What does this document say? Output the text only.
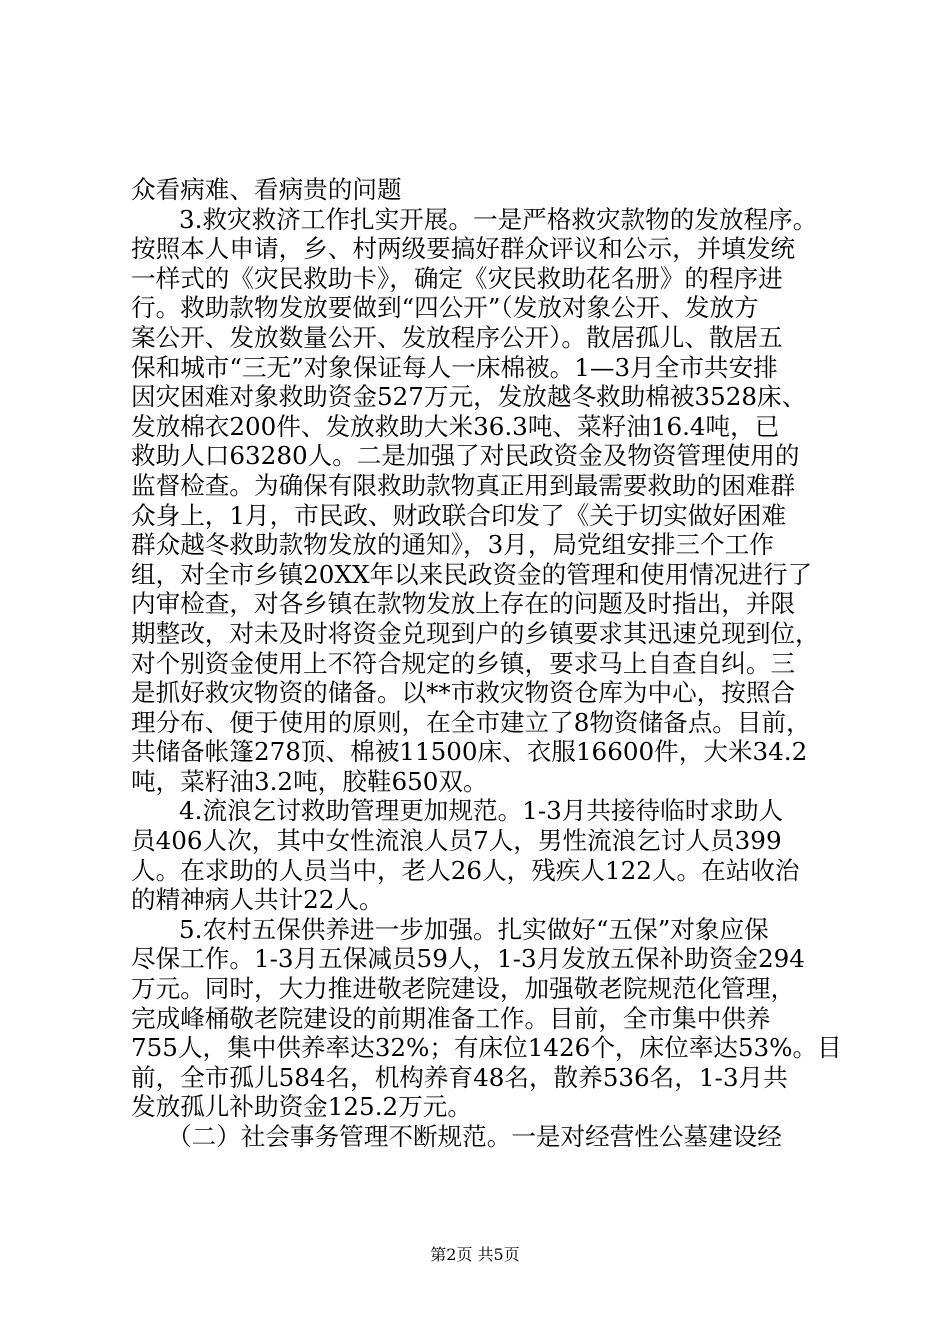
众看病难、看病贵的问题
3.救灾救济工作扎实开展。一是严格救灾款物的发放程序。
按照本人申请，乡、村两级要搞好群众评议和公示，并填发统
一样式的《灾民救助卡》，确定《灾民救助花名册》的程序进
行。救助款物发放要做到“四公开”（发放对象公开、发放方
案公开、发放数量公开、发放程序公开）。散居孤儿、散居五
保和城市“三无”对象保证每人一床棉被。1—3月全市共安排
因灾困难对象救助资金527万元，发放越冬救助棉被3528床、
发放棉衣200件、发放救助大米36.3吨、菜籽油16.4吨，已
救助人口63280人。二是加强了对民政资金及物资管理使用的
监督检查。为确保有限救助款物真正用到最需要救助的困难群
众身上，1月，市民政、财政联合印发了《关于切实做好困难
群众越冬救助款物发放的通知》，3月，局党组安排三个工作
组，对全市乡镇20XX年以来民政资金的管理和使用情况进行了
内审检查，对各乡镇在款物发放上存在的问题及时指出，并限
期整改，对未及时将资金兑现到户的乡镇要求其迅速兑现到位，
对个别资金使用上不符合规定的乡镇，要求马上自查自纠。三
是抓好救灾物资的储备。以**市救灾物资仓库为中心，按照合
理分布、便于使用的原则，在全市建立了8物资储备点。目前，
共储备帐篷278顶、棉被11500床、衣服16600件，大米34.2
吨，菜籽油3.2吨，胶鞋650双。
4.流浪乞讨救助管理更加规范。1-3月共接待临时求助人
员406人次，其中女性流浪人员7人，男性流浪乞讨人员399
人。在求助的人员当中，老人26人，残疾人122人。在站收治
的精神病人共计22人。
5.农村五保供养进一步加强。扎实做好“五保”对象应保
尽保工作。1-3月五保减员59人，1-3月发放五保补助资金294
万元。同时，大力推进敬老院建设，加强敬老院规范化管理，
完成峰桶敬老院建设的前期准备工作。目前，全市集中供养
755人，集中供养率达32%；有床位1426个，床位率达53%。目
前，全市孤儿584名，机构养育48名，散养536名，1-3月共
发放孤儿补助资金125.2万元。
（二）社会事务管理不断规范。一是对经营性公墓建设经
第2页 共5页
